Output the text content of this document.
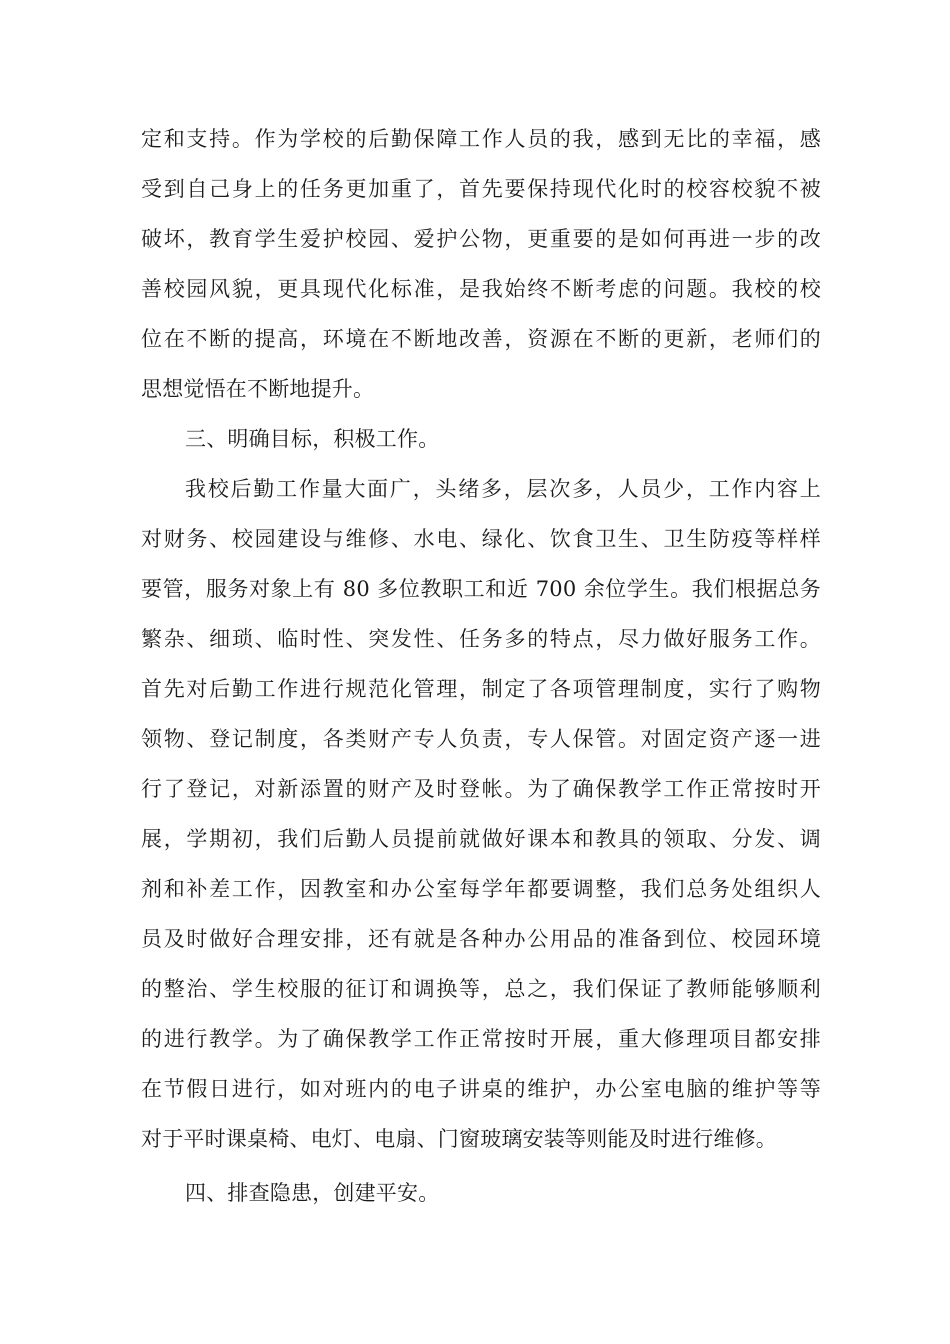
定和支持。作为学校的后勤保障工作人员的我，感到无比的幸福，感
受到自己身上的任务更加重了，首先要保持现代化时的校容校貌不被
破坏，教育学生爱护校园、爱护公物，更重要的是如何再进一步的改
善校园风貌，更具现代化标准，是我始终不断考虑的问题。我校的校
位在不断的提高，环境在不断地改善，资源在不断的更新，老师们的
思想觉悟在不断地提升。
三、明确目标，积极工作。
我校后勤工作量大面广，头绪多，层次多，人员少，工作内容上
对财务、校园建设与维修、水电、绿化、饮食卫生、卫生防疫等样样
要管，服务对象上有 80 多位教职工和近 700 余位学生。我们根据总务
繁杂、细琐、临时性、突发性、任务多的特点，尽力做好服务工作。
首先对后勤工作进行规范化管理，制定了各项管理制度，实行了购物
领物、登记制度，各类财产专人负责，专人保管。对固定资产逐一进
行了登记，对新添置的财产及时登帐。为了确保教学工作正常按时开
展，学期初，我们后勤人员提前就做好课本和教具的领取、分发、调
剂和补差工作，因教室和办公室每学年都要调整，我们总务处组织人
员及时做好合理安排，还有就是各种办公用品的准备到位、校园环境
的整治、学生校服的征订和调换等，总之，我们保证了教师能够顺利
的进行教学。为了确保教学工作正常按时开展，重大修理项目都安排
在节假日进行，如对班内的电子讲桌的维护，办公室电脑的维护等等
对于平时课桌椅、电灯、电扇、门窗玻璃安装等则能及时进行维修。
四、排查隐患，创建平安。
